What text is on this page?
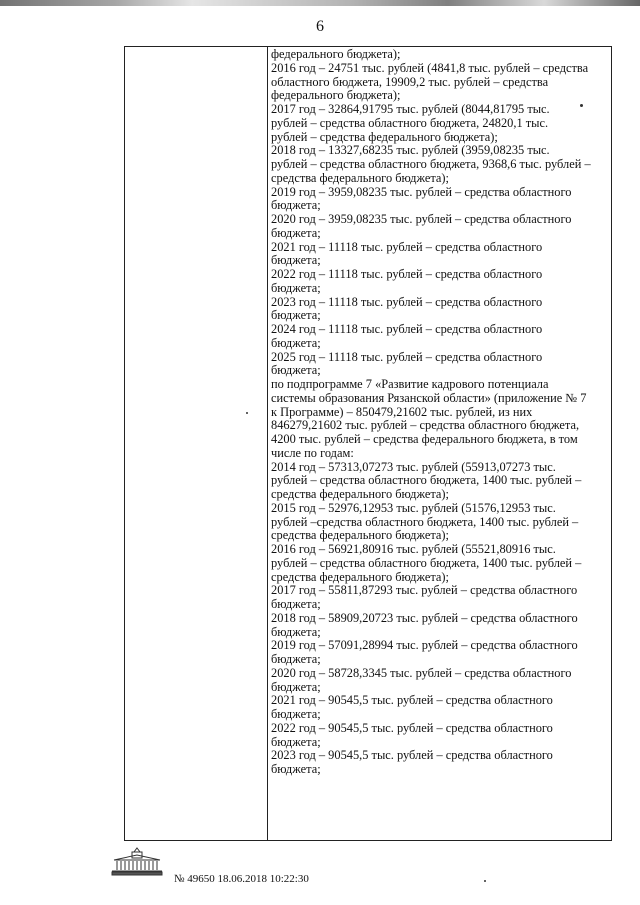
6
федерального бюджета);
2016 год – 24751 тыс. рублей (4841,8 тыс. рублей – средства
областного бюджета, 19909,2 тыс. рублей – средства
федерального бюджета);
2017 год – 32864,91795 тыс. рублей (8044,81795 тыс.
рублей – средства областного бюджета, 24820,1 тыс.
рублей – средства федерального бюджета);
2018 год – 13327,68235 тыс. рублей (3959,08235 тыс.
рублей – средства областного бюджета, 9368,6 тыс. рублей –
средства федерального бюджета);
2019 год – 3959,08235 тыс. рублей – средства областного
бюджета;
2020 год – 3959,08235 тыс. рублей – средства областного
бюджета;
2021 год – 11118 тыс. рублей – средства областного
бюджета;
2022 год – 11118 тыс. рублей – средства областного
бюджета;
2023 год – 11118 тыс. рублей – средства областного
бюджета;
2024 год – 11118 тыс. рублей – средства областного
бюджета;
2025 год – 11118 тыс. рублей – средства областного
бюджета;
по подпрограмме 7 «Развитие кадрового потенциала
системы образования Рязанской области» (приложение № 7
к Программе) – 850479,21602 тыс. рублей, из них
846279,21602 тыс. рублей – средства областного бюджета,
4200 тыс. рублей – средства федерального бюджета, в том
числе по годам:
2014 год – 57313,07273 тыс. рублей (55913,07273 тыс.
рублей – средства областного бюджета, 1400 тыс. рублей –
средства федерального бюджета);
2015 год – 52976,12953 тыс. рублей (51576,12953 тыс.
рублей –средства областного бюджета, 1400 тыс. рублей –
средства федерального бюджета);
2016 год – 56921,80916 тыс. рублей (55521,80916 тыс.
рублей – средства областного бюджета, 1400 тыс. рублей –
средства федерального бюджета);
2017 год – 55811,87293 тыс. рублей – средства областного
бюджета;
2018 год – 58909,20723 тыс. рублей – средства областного
бюджета;
2019 год – 57091,28994 тыс. рублей – средства областного
бюджета;
2020 год – 58728,3345 тыс. рублей – средства областного
бюджета;
2021 год – 90545,5 тыс. рублей – средства областного
бюджета;
2022 год – 90545,5 тыс. рублей – средства областного
бюджета;
2023 год – 90545,5 тыс. рублей – средства областного
бюджета;
№ 49650 18.06.2018 10:22:30
